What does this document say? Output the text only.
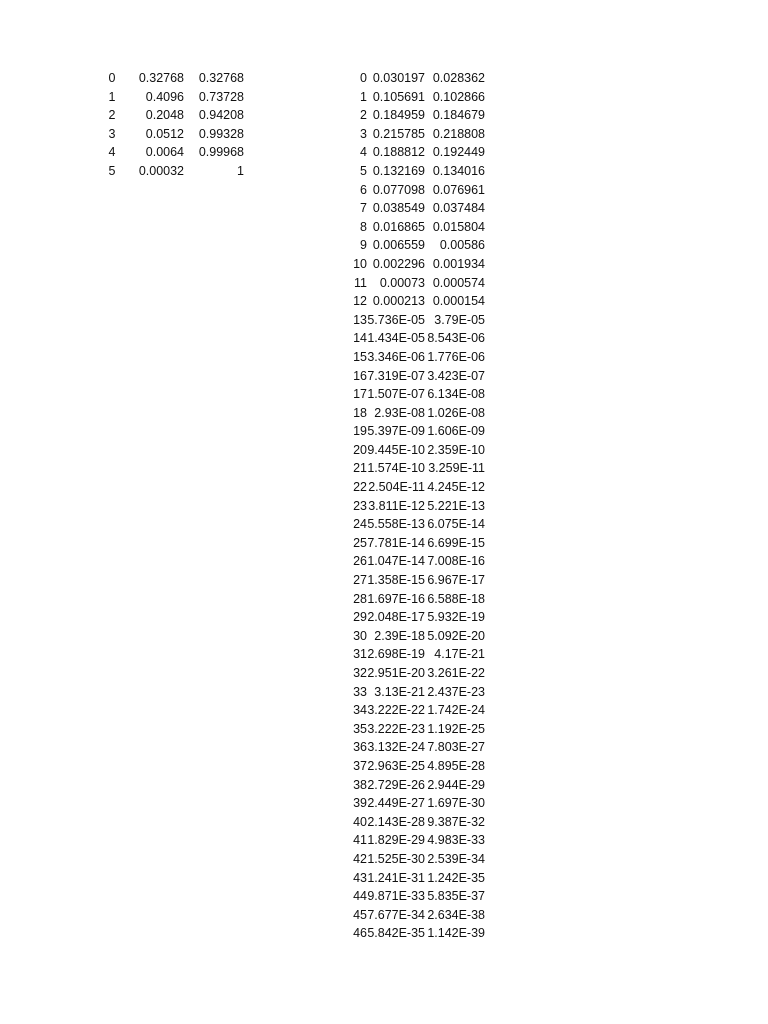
0	0.32768	0.32768
1	0.4096	0.73728
2	0.2048	0.94208
3	0.0512	0.99328
4	0.0064	0.99968
5	0.00032	1
0 0.030197 0.028362
1 0.105691 0.102866
2 0.184959 0.184679
3 0.215785 0.218808
4 0.188812 0.192449
5 0.132169 0.134016
6 0.077098 0.076961
7 0.038549 0.037484
8 0.016865 0.015804
9 0.006559	0.00586
10 0.002296 0.001934
11	0.00073 0.000574
12 0.000213 0.000154
13 5.736E-05 3.79E-05
14 1.434E-05 8.543E-06
15 3.346E-06 1.776E-06
16 7.319E-07 3.423E-07
17 1.507E-07 6.134E-08
18 2.93E-08 1.026E-08
19 5.397E-09 1.606E-09
20 9.445E-10 2.359E-10
21 1.574E-10 3.259E-11
22 2.504E-11 4.245E-12
23 3.811E-12 5.221E-13
24 5.558E-13 6.075E-14
25 7.781E-14 6.699E-15
26 1.047E-14 7.008E-16
27 1.358E-15 6.967E-17
28 1.697E-16 6.588E-18
29 2.048E-17 5.932E-19
30 2.39E-18 5.092E-20
31 2.698E-19 4.17E-21
32 2.951E-20 3.261E-22
33 3.13E-21 2.437E-23
34 3.222E-22 1.742E-24
35 3.222E-23 1.192E-25
36 3.132E-24 7.803E-27
37 2.963E-25 4.895E-28
38 2.729E-26 2.944E-29
39 2.449E-27 1.697E-30
40 2.143E-28 9.387E-32
41 1.829E-29 4.983E-33
42 1.525E-30 2.539E-34
43 1.241E-31 1.242E-35
44 9.871E-33 5.835E-37
45 7.677E-34 2.634E-38
46 5.842E-35 1.142E-39
